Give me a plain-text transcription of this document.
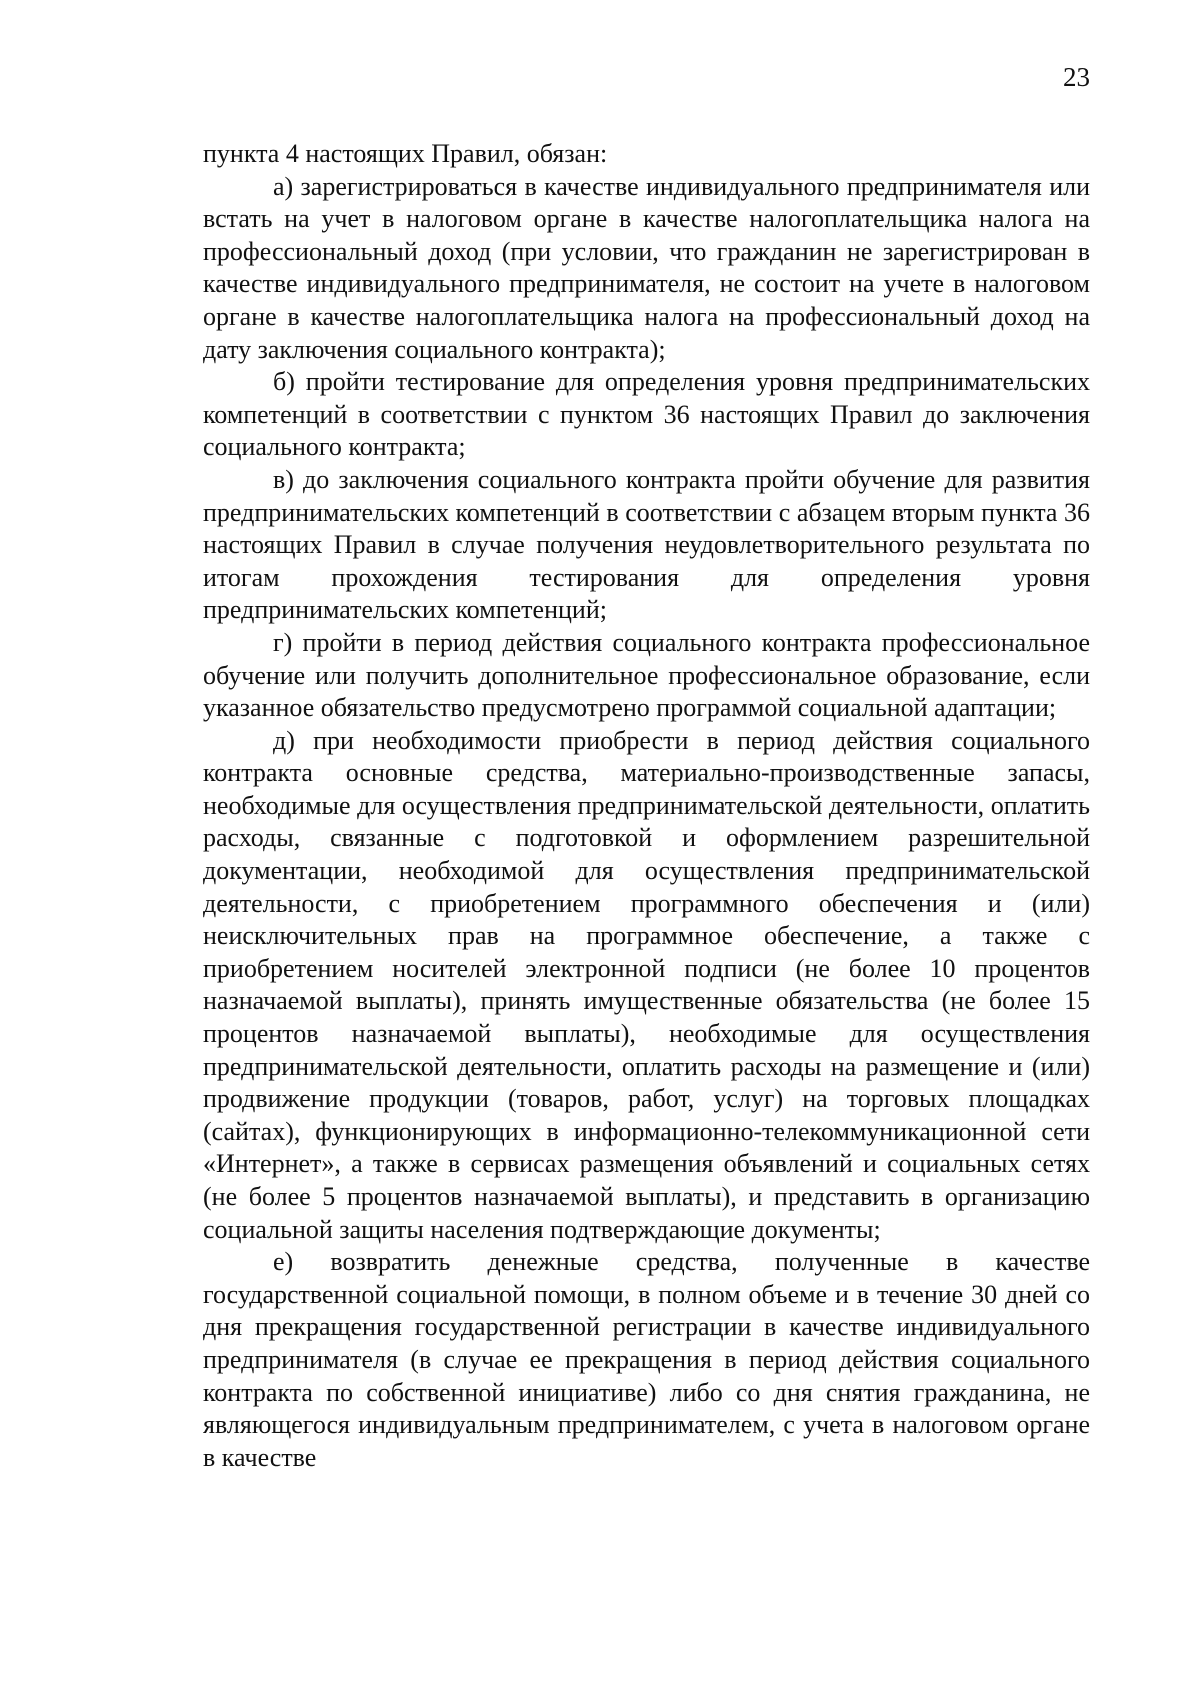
23

пункта 4 настоящих Правил, обязан:

а) зарегистрироваться в качестве индивидуального предпринимателя или встать на учет в налоговом органе в качестве налогоплательщика налога на профессиональный доход (при условии, что гражданин не зарегистрирован в качестве индивидуального предпринимателя, не состоит на учете в налоговом органе в качестве налогоплательщика налога на профессиональный доход на дату заключения социального контракта);

б) пройти тестирование для определения уровня предпринимательских компетенций в соответствии с пунктом 36 настоящих Правил до заключения социального контракта;

в) до заключения социального контракта пройти обучение для развития предпринимательских компетенций в соответствии с абзацем вторым пункта 36 настоящих Правил в случае получения неудовлетворительного результата по итогам прохождения тестирования для определения уровня предпринимательских компетенций;

г) пройти в период действия социального контракта профессиональное обучение или получить дополнительное профессиональное образование, если указанное обязательство предусмотрено программой социальной адаптации;

д) при необходимости приобрести в период действия социального контракта основные средства, материально-производственные запасы, необходимые для осуществления предпринимательской деятельности, оплатить расходы, связанные с подготовкой и оформлением разрешительной документации, необходимой для осуществления предпринимательской деятельности, с приобретением программного обеспечения и (или) неисключительных прав на программное обеспечение, а также с приобретением носителей электронной подписи (не более 10 процентов назначаемой выплаты), принять имущественные обязательства (не более 15 процентов назначаемой выплаты), необходимые для осуществления предпринимательской деятельности, оплатить расходы на размещение и (или) продвижение продукции (товаров, работ, услуг) на торговых площадках (сайтах), функционирующих в информационно-телекоммуникационной сети «Интернет», а также в сервисах размещения объявлений и социальных сетях (не более 5 процентов назначаемой выплаты), и представить в организацию социальной защиты населения подтверждающие документы;

е) возвратить денежные средства, полученные в качестве государственной социальной помощи, в полном объеме и в течение 30 дней со дня прекращения государственной регистрации в качестве индивидуального предпринимателя (в случае ее прекращения в период действия социального контракта по собственной инициативе) либо со дня снятия гражданина, не являющегося индивидуальным предпринимателем, с учета в налоговом органе в качестве
